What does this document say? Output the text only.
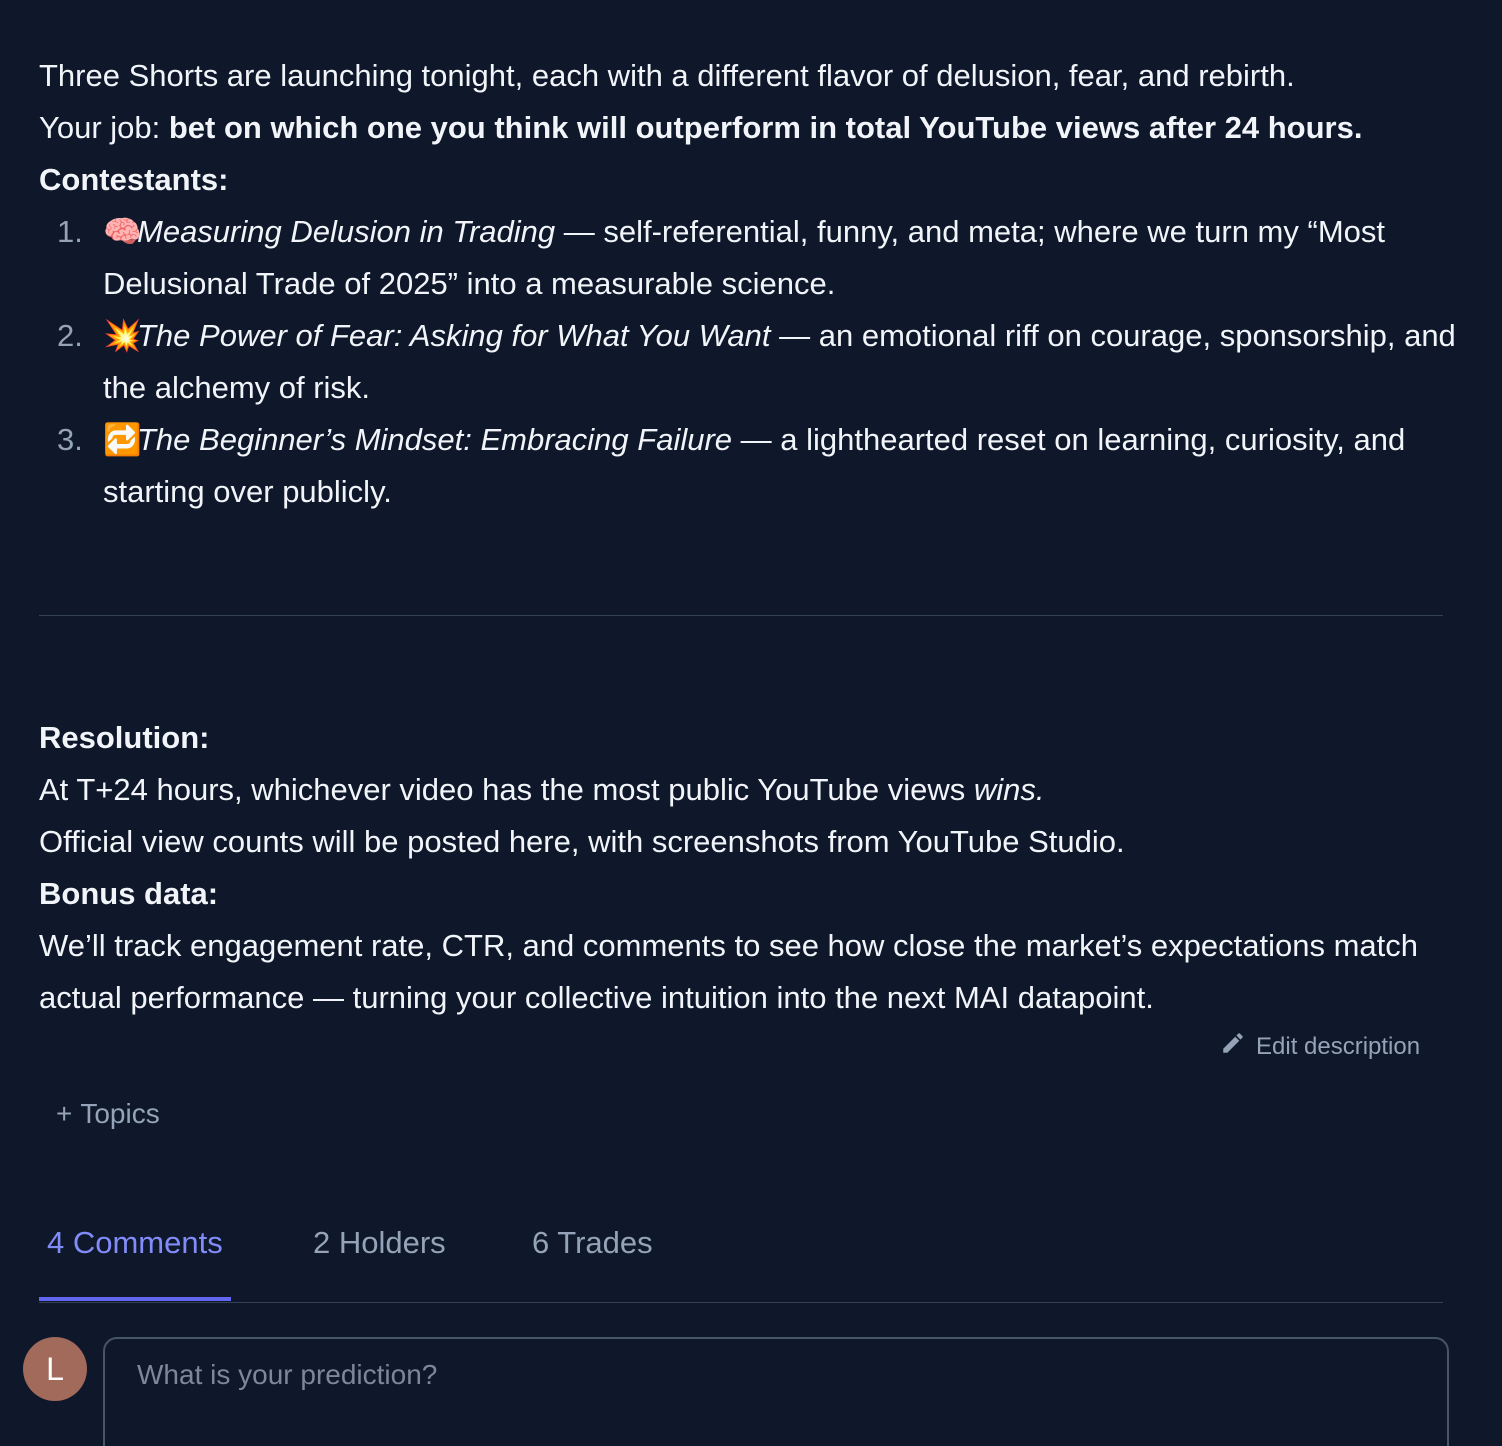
Three Shorts are launching tonight, each with a different flavor of delusion, fear, and rebirth.

Your job: bet on which one you think will outperform in total YouTube views after 24 hours.

Contestants:

1. 🧠Measuring Delusion in Trading — self-referential, funny, and meta; where we turn my “Most Delusional Trade of 2025” into a measurable science.
2. 💥The Power of Fear: Asking for What You Want — an emotional riff on courage, sponsorship, and the alchemy of risk.
3. 🔁The Beginner’s Mindset: Embracing Failure — a lighthearted reset on learning, curiosity, and starting over publicly.

Resolution:

At T+24 hours, whichever video has the most public YouTube views wins.

Official view counts will be posted here, with screenshots from YouTube Studio.

Bonus data:

We’ll track engagement rate, CTR, and comments to see how close the market’s expectations match actual performance — turning your collective intuition into the next MAI datapoint.

Edit description
+ Topics
4 Comments	2 Holders	6 Trades
L
What is your prediction?
